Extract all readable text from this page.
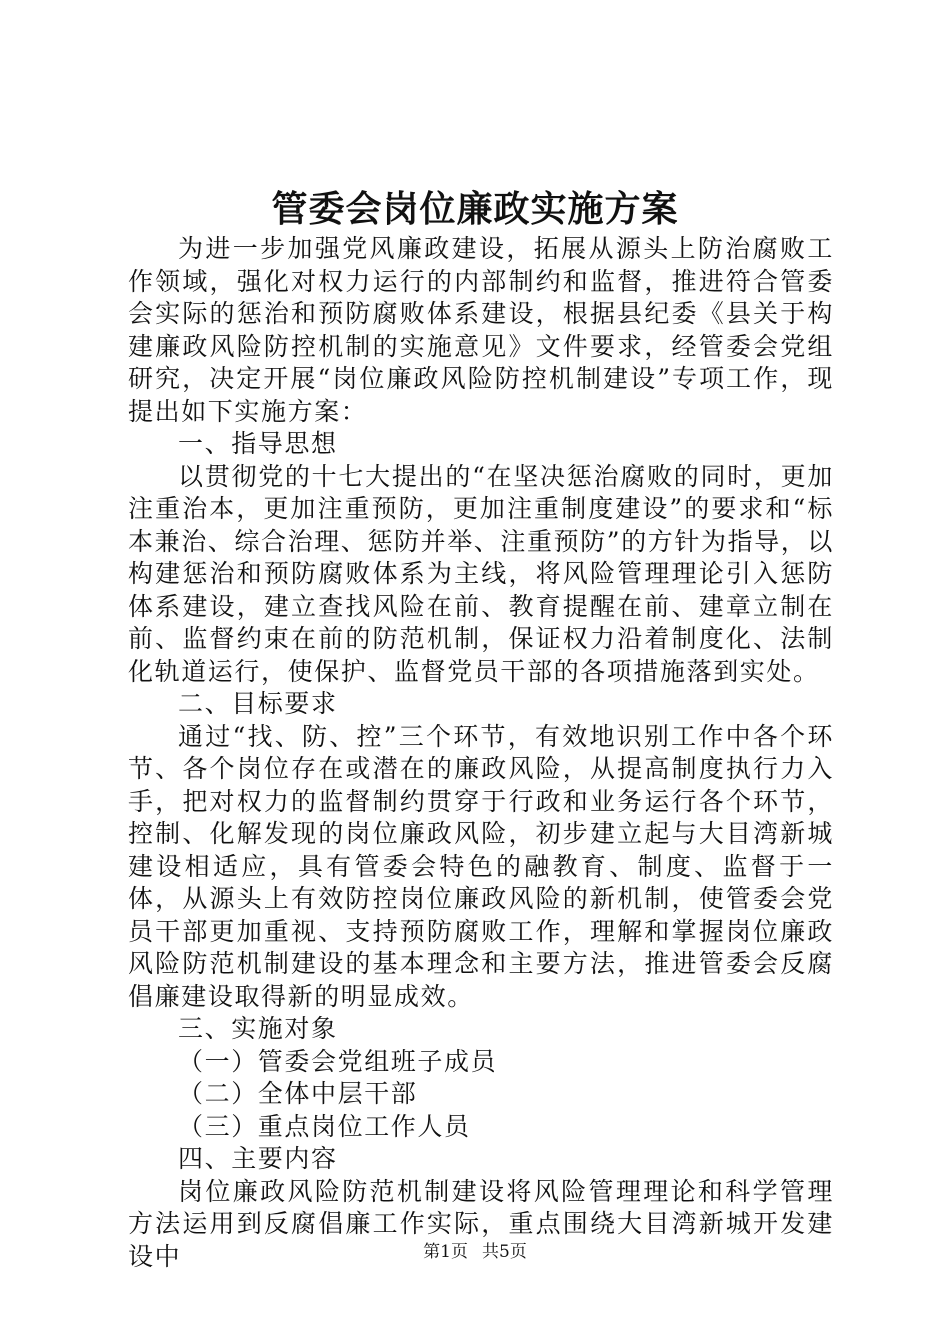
管委会岗位廉政实施方案

为进一步加强党风廉政建设，拓展从源头上防治腐败工作领域，强化对权力运行的内部制约和监督，推进符合管委会实际的惩治和预防腐败体系建设，根据县纪委《县关于构建廉政风险防控机制的实施意见》文件要求，经管委会党组研究，决定开展“岗位廉政风险防控机制建设”专项工作，现提出如下实施方案：

一、指导思想

以贯彻党的十七大提出的“在坚决惩治腐败的同时，更加注重治本，更加注重预防，更加注重制度建设”的要求和“标本兼治、综合治理、惩防并举、注重预防”的方针为指导，以构建惩治和预防腐败体系为主线，将风险管理理论引入惩防体系建设，建立查找风险在前、教育提醒在前、建章立制在前、监督约束在前的防范机制，保证权力沿着制度化、法制化轨道运行，使保护、监督党员干部的各项措施落到实处。

二、目标要求

通过“找、防、控”三个环节，有效地识别工作中各个环节、各个岗位存在或潜在的廉政风险，从提高制度执行力入手，把对权力的监督制约贯穿于行政和业务运行各个环节，控制、化解发现的岗位廉政风险，初步建立起与大目湾新城建设相适应，具有管委会特色的融教育、制度、监督于一体，从源头上有效防控岗位廉政风险的新机制，使管委会党员干部更加重视、支持预防腐败工作，理解和掌握岗位廉政风险防范机制建设的基本理念和主要方法，推进管委会反腐倡廉建设取得新的明显成效。

三、实施对象

（一）管委会党组班子成员

（二）全体中层干部

（三）重点岗位工作人员

四、主要内容

岗位廉政风险防范机制建设将风险管理理论和科学管理方法运用到反腐倡廉工作实际，重点围绕大目湾新城开发建设中	第1页 共5页
